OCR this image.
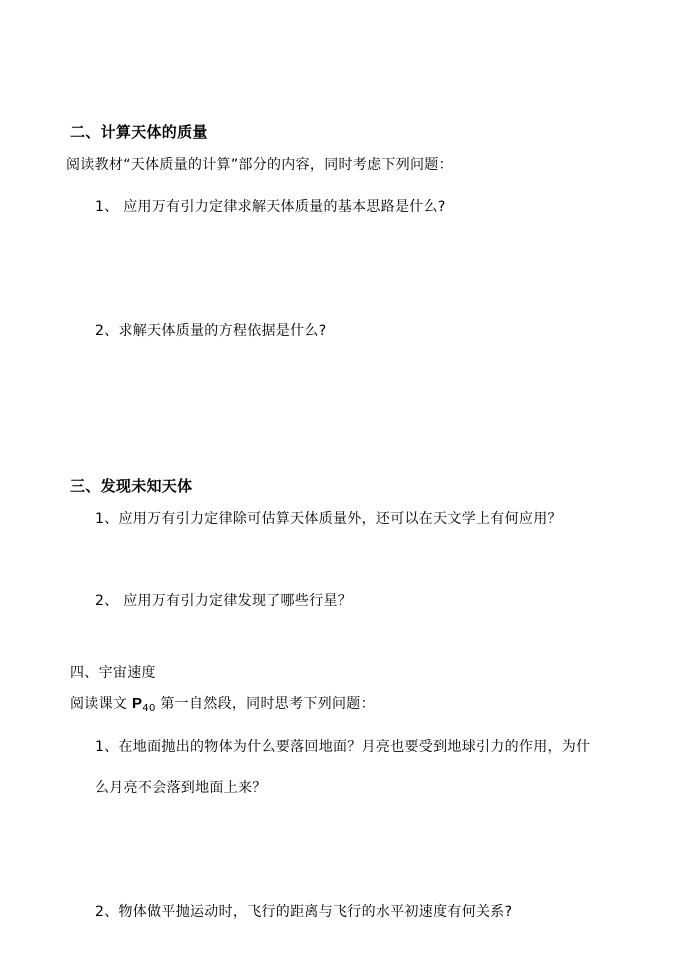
二、计算天体的质量
阅读教材“天体质量的计算”部分的内容，同时考虑下列问题：
1、 应用万有引力定律求解天体质量的基本思路是什么?
2、求解天体质量的方程依据是什么?
三、发现未知天体
1、应用万有引力定律除可估算天体质量外，还可以在天文学上有何应用？
2、 应用万有引力定律发现了哪些行星？
四、宇宙速度
阅读课文 $P_{40}$ 第一自然段，同时思考下列问题：
1、在地面抛出的物体为什么要落回地面？月亮也要受到地球引力的作用，为什
么月亮不会落到地面上来？
2、物体做平抛运动时，飞行的距离与飞行的水平初速度有何关系?
